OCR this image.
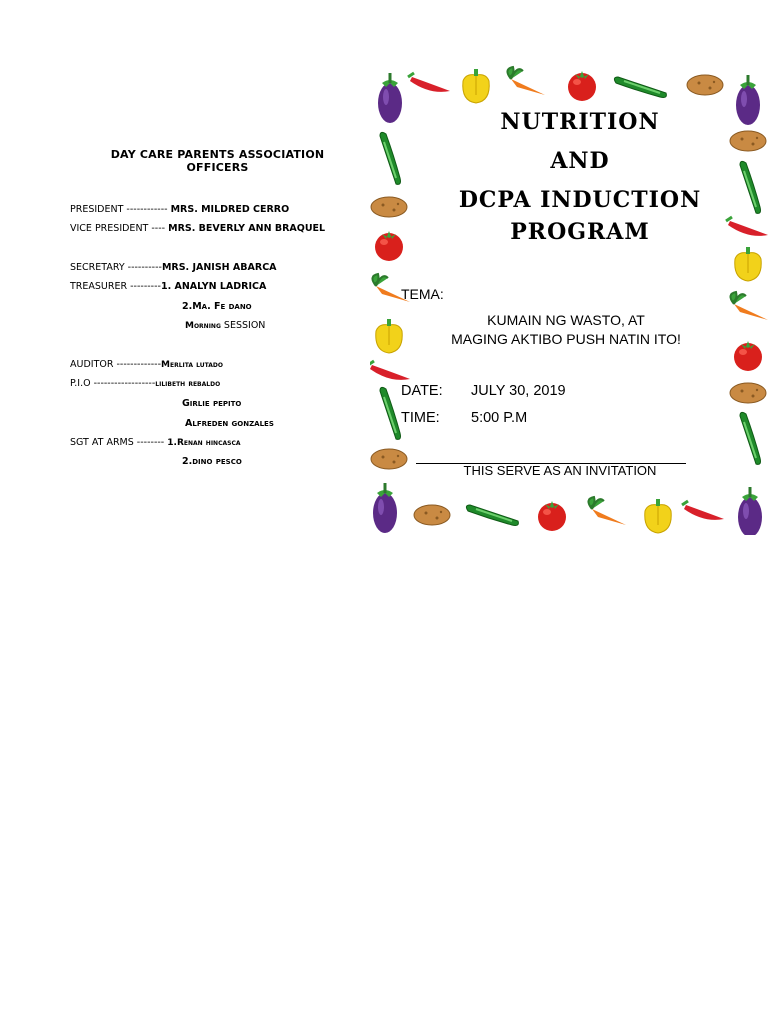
DAY CARE PARENTS ASSOCIATION
OFFICERS
PRESIDENT ------------ MRS. MILDRED CERRO
VICE PRESIDENT ---- MRS. BEVERLY ANN BRAQUEL
SECRETARY ----------MRS. JANISH ABARCA
TREASURER ---------1. ANALYN LADRICA
2.Ma. Fe dano
Morning SESSION
AUDITOR -------------Merlita lutado
P.I.O ------------------lilibeth rebaldo
Girlie pepito
Alfreden gonzales
SGT AT ARMS -------- 1.Renan hincasca
2.dino pesco
NUTRITION
AND
DCPA INDUCTION
PROGRAM
TEMA:
KUMAIN NG WASTO, AT
MAGING AKTIBO PUSH NATIN ITO!
DATE: JULY 30, 2019
TIME: 5:00 P.M
THIS SERVE AS AN INVITATION
